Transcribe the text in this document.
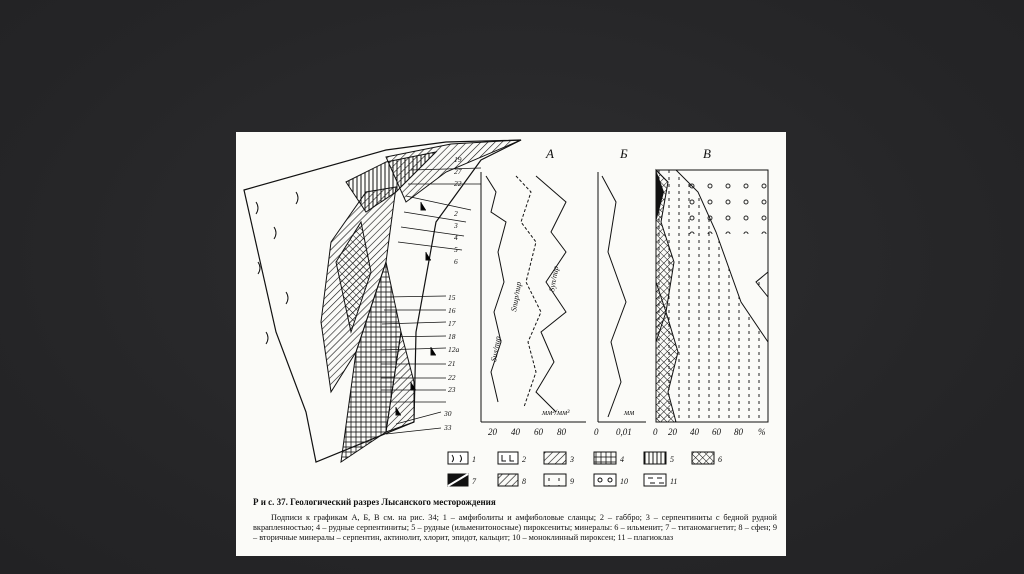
А
Sил/пир
Sпир/пир
Sуп/пир
мм²/мм³
20 40 60 80
Б
мм
0 0,01
В
0 20 40 60 80 %
19
27
22
2
3
4
5
6
15
16
17
18
12а
21
22
23
30
33
1	2	3	4	5	6
7	8	9	10	11
Р и с. 37. Геологический разрез Лысанского месторождения
Подписи к графикам А, Б, В см. на рис. 34; 1 – амфиболиты и амфиболовые сланцы; 2 – габбро; 3 – серпентиниты с бедной рудной вкрапленностью; 4 – рудные серпентиниты; 5 – рудные (ильменитоносные) пироксениты; минералы: 6 – ильменит; 7 – титаномагнетит; 8 – сфен; 9 – вторичные минералы – серпентин, актинолит, хлорит, эпидот, кальцит; 10 – моноклинный пироксен; 11 – плагиоклаз
